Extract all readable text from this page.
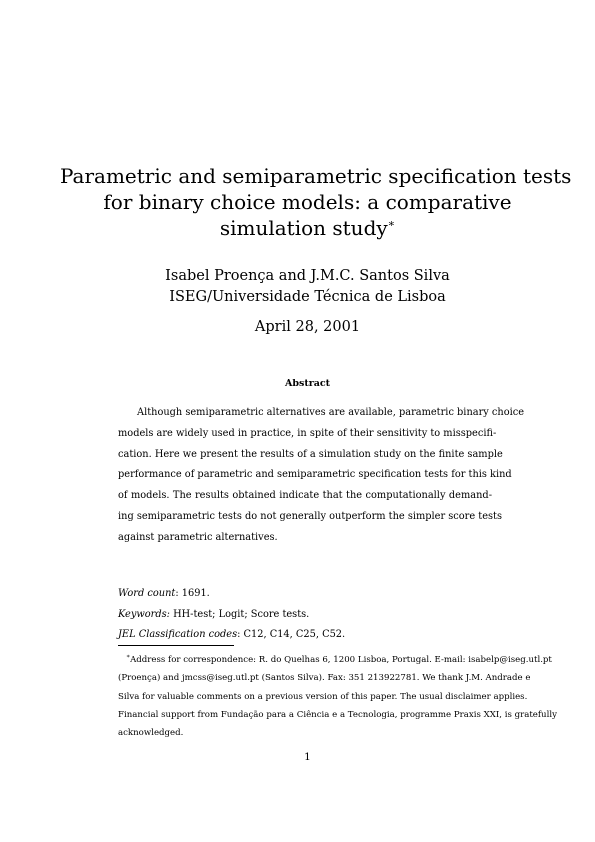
Parametric and semiparametric specification tests
for binary choice models: a comparative
simulation study∗
Isabel Proença and J.M.C. Santos Silva
ISEG/Universidade Técnica de Lisboa
April 28, 2001
Abstract
Although semiparametric alternatives are available, parametric binary choice
models are widely used in practice, in spite of their sensitivity to misspecifi-
cation. Here we present the results of a simulation study on the finite sample
performance of parametric and semiparametric specification tests for this kind
of models. The results obtained indicate that the computationally demand-
ing semiparametric tests do not generally outperform the simpler score tests
against parametric alternatives.
Word count: 1691.
Keywords: HH-test; Logit; Score tests.
JEL Classification codes: C12, C14, C25, C52.
∗Address for correspondence: R. do Quelhas 6, 1200 Lisboa, Portugal. E-mail: isabelp@iseg.utl.pt
(Proença) and jmcss@iseg.utl.pt (Santos Silva). Fax: 351 213922781. We thank J.M. Andrade e
Silva for valuable comments on a previous version of this paper. The usual disclaimer applies.
Financial support from Fundação para a Ciência e a Tecnologia, programme Praxis XXI, is gratefully
acknowledged.
1
